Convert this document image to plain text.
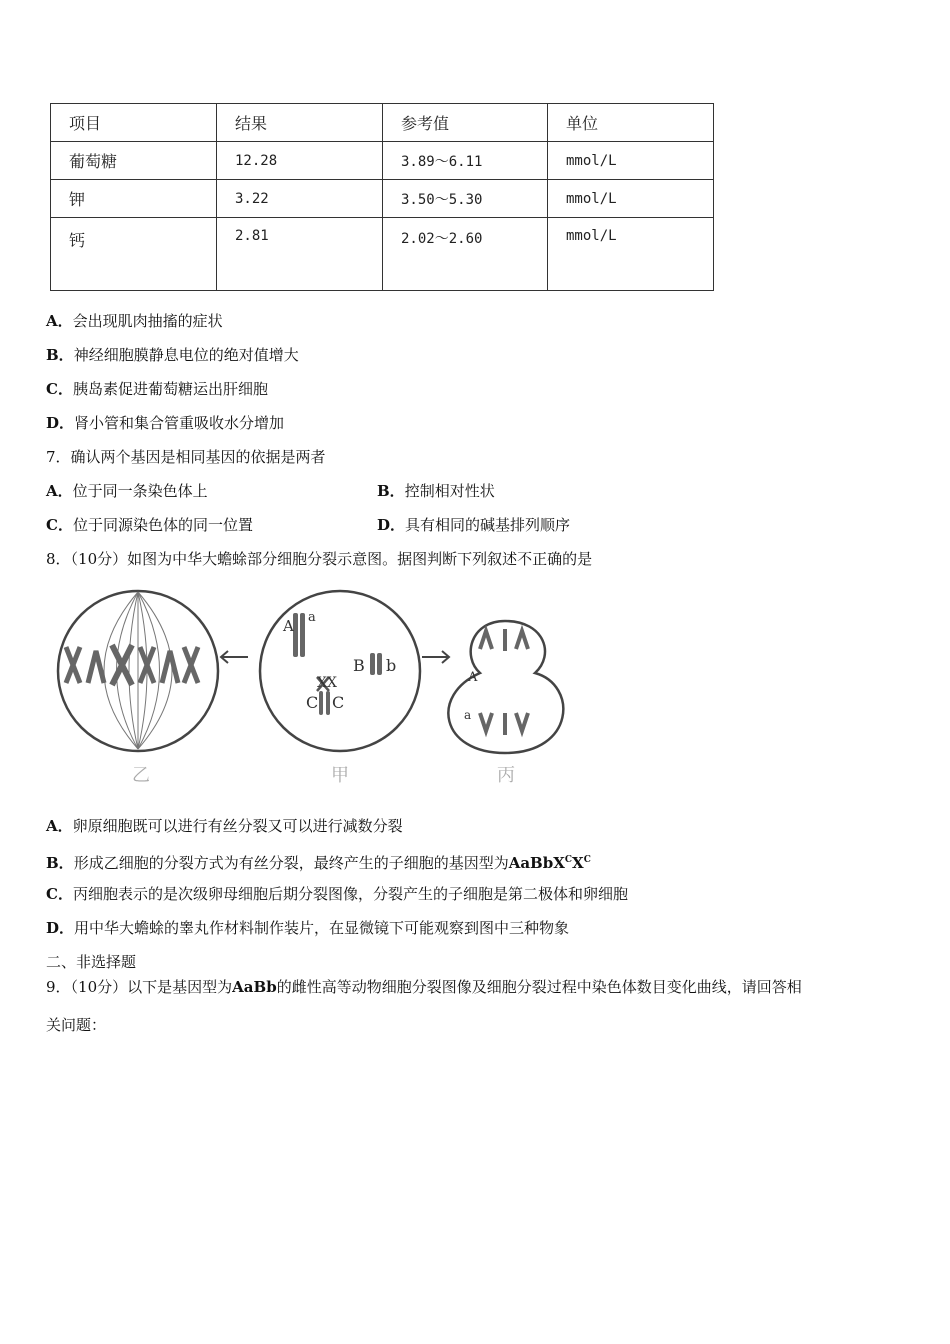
项目	结果	参考值	单位
葡萄糖	12.28	3.89～6.11	mmol/L
钾	3.22	3.50～5.30	mmol/L
钙	2.81	2.02～2.60	mmol/L
A．会出现肌肉抽搐的症状
B．神经细胞膜静息电位的绝对值增大
C．胰岛素促进葡萄糖运出肝细胞
D．肾小管和集合管重吸收水分增加
7．确认两个基因是相同基因的依据是两者
A．位于同一条染色体上	B．控制相对性状
C．位于同源染色体的同一位置	D．具有相同的碱基排列顺序
8．（10分）如图为中华大蟾蜍部分细胞分裂示意图。据图判断下列叙述不正确的是
A a
B b
XX
C C
A
a
乙	甲	丙
A．卵原细胞既可以进行有丝分裂又可以进行减数分裂
B．形成乙细胞的分裂方式为有丝分裂，最终产生的子细胞的基因型为$AaBbX^CX^C$
C．丙细胞表示的是次级卵母细胞后期分裂图像，分裂产生的子细胞是第二极体和卵细胞
D．用中华大蟾蜍的睾丸作材料制作装片，在显微镜下可能观察到图中三种物象
二、非选择题
9．（10分）以下是基因型为AaBb的雌性高等动物细胞分裂图像及细胞分裂过程中染色体数目变化曲线，请回答相
关问题：
